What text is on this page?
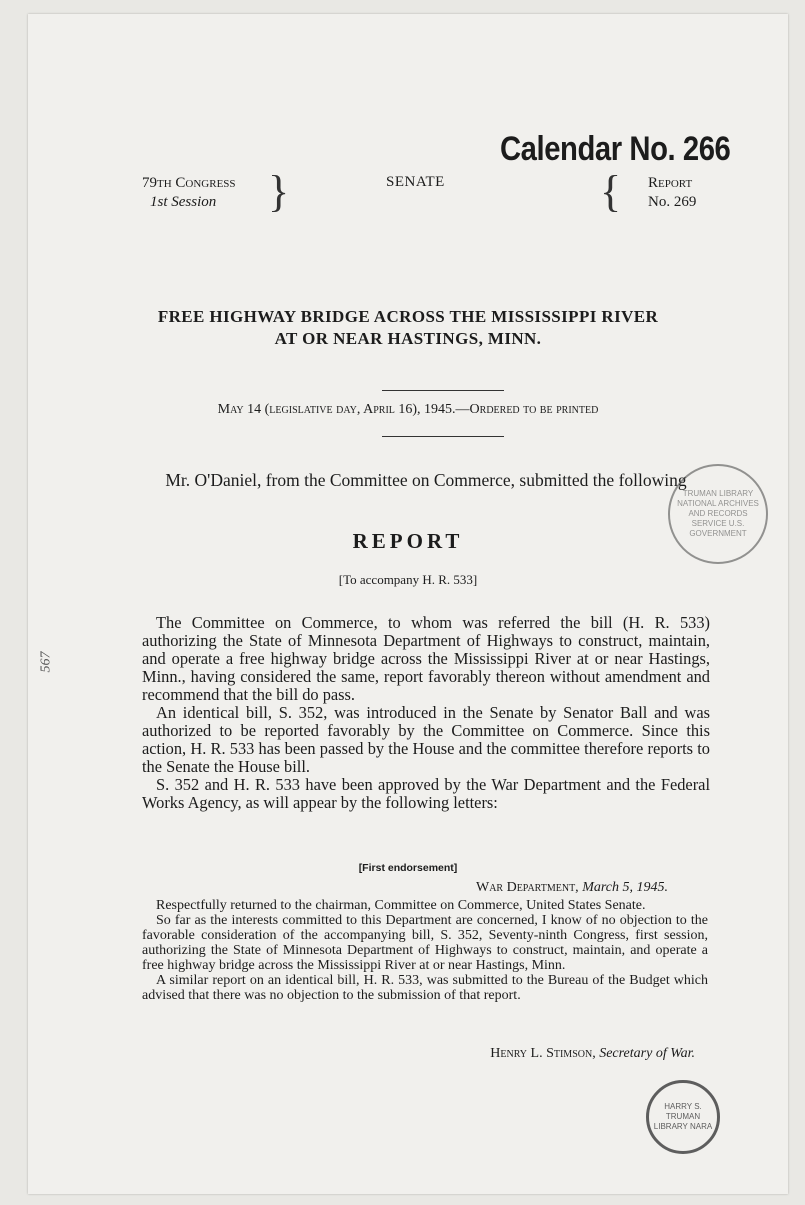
Calendar No. 266
79th Congress
1st Session	}	SENATE	{ Report
No. 269
FREE HIGHWAY BRIDGE ACROSS THE MISSISSIPPI RIVER
AT OR NEAR HASTINGS, MINN.
May 14 (legislative day, April 16), 1945.—Ordered to be printed
Mr. O'Daniel, from the Committee on Commerce, submitted the following
REPORT
[To accompany H. R. 533]

The Committee on Commerce, to whom was referred the bill (H. R. 533) authorizing the State of Minnesota Department of Highways to construct, maintain, and operate a free highway bridge across the Mississippi River at or near Hastings, Minn., having considered the same, report favorably thereon without amendment and recommend that the bill do pass.

An identical bill, S. 352, was introduced in the Senate by Senator Ball and was authorized to be reported favorably by the Committee on Commerce. Since this action, H. R. 533 has been passed by the House and the committee therefore reports to the Senate the House bill.

S. 352 and H. R. 533 have been approved by the War Department and the Federal Works Agency, as will appear by the following letters:

[First endorsement]
War Department, March 5, 1945.

Respectfully returned to the chairman, Committee on Commerce, United States Senate.

So far as the interests committed to this Department are concerned, I know of no objection to the favorable consideration of the accompanying bill, S. 352, Seventy-ninth Congress, first session, authorizing the State of Minnesota Department of Highways to construct, maintain, and operate a free highway bridge across the Mississippi River at or near Hastings, Minn.

A similar report on an identical bill, H. R. 533, was submitted to the Bureau of the Budget which advised that there was no objection to the submission of that report.

Henry L. Stimson, Secretary of War.
TRUMAN LIBRARY NATIONAL ARCHIVES AND RECORDS SERVICE U.S. GOVERNMENT
HARRY S. TRUMAN LIBRARY NARA
567
